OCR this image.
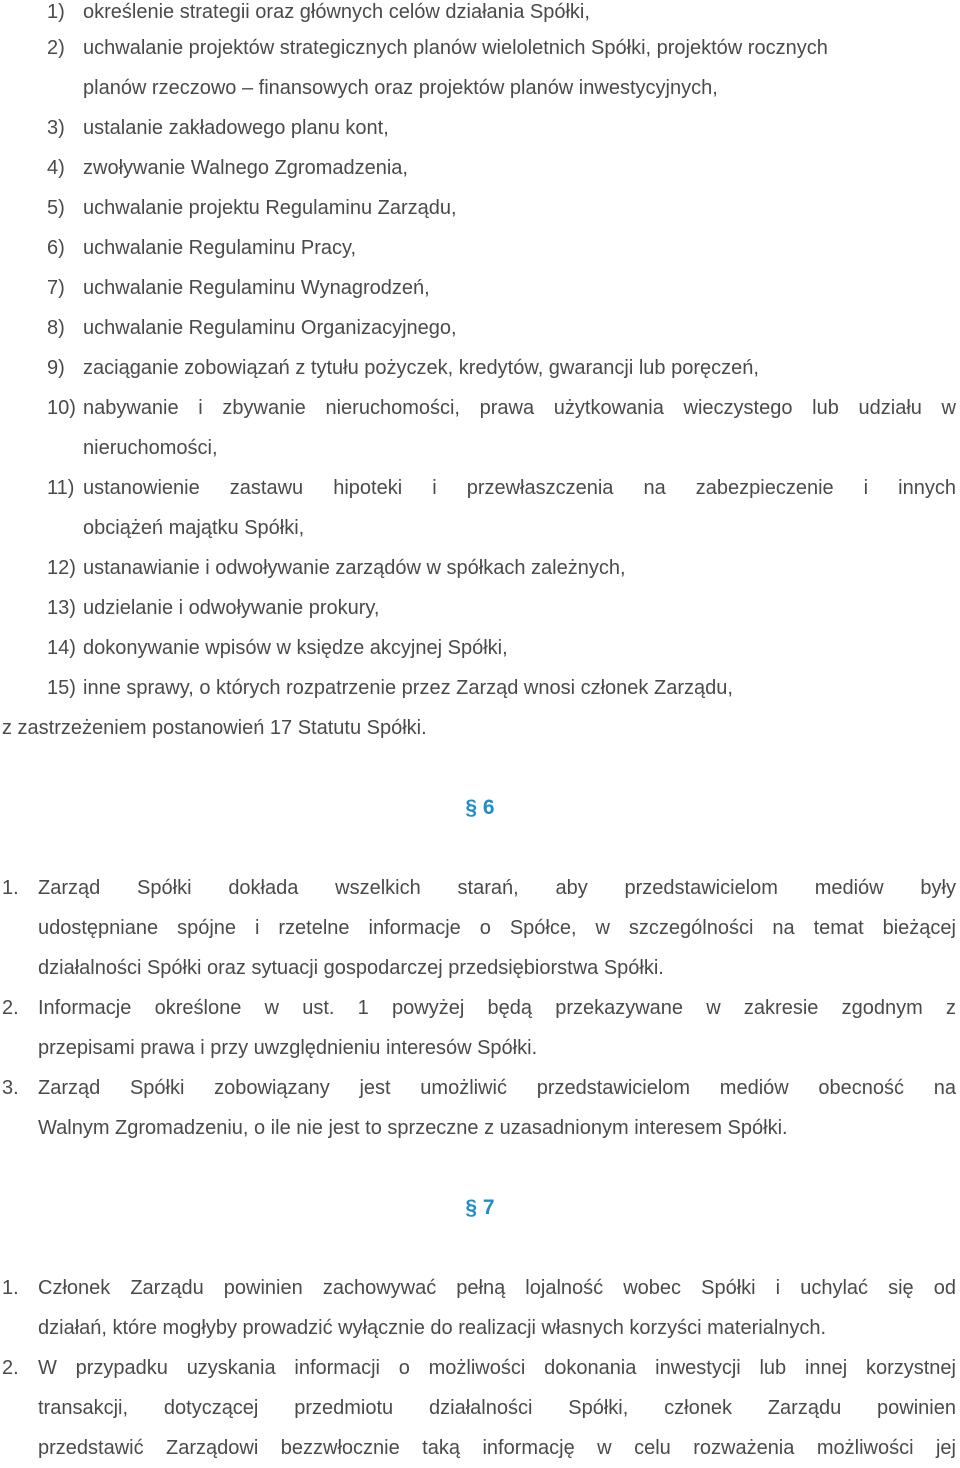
1) określenie strategii oraz głównych celów działania Spółki,
2) uchwalanie projektów strategicznych planów wieloletnich Spółki, projektów rocznych
planów rzeczowo – finansowych oraz projektów planów inwestycyjnych,
3) ustalanie zakładowego planu kont,
4) zwoływanie Walnego Zgromadzenia,
5) uchwalanie projektu Regulaminu Zarządu,
6) uchwalanie Regulaminu Pracy,
7) uchwalanie Regulaminu Wynagrodzeń,
8) uchwalanie Regulaminu Organizacyjnego,
9) zaciąganie zobowiązań z tytułu pożyczek, kredytów, gwarancji lub poręczeń,
10) nabywanie i zbywanie nieruchomości, prawa użytkowania wieczystego lub udziału w
nieruchomości,
11) ustanowienie zastawu hipoteki i przewłaszczenia na zabezpieczenie i innych
obciążeń majątku Spółki,
12) ustanawianie i odwoływanie zarządów w spółkach zależnych,
13) udzielanie i odwoływanie prokury,
14) dokonywanie wpisów w księdze akcyjnej Spółki,
15) inne sprawy, o których rozpatrzenie przez Zarząd wnosi członek Zarządu,
z zastrzeżeniem postanowień 17 Statutu Spółki.
§ 6
1. Zarząd Spółki dokłada wszelkich starań, aby przedstawicielom mediów były
udostępniane spójne i rzetelne informacje o Spółce, w szczególności na temat bieżącej
działalności Spółki oraz sytuacji gospodarczej przedsiębiorstwa Spółki.
2. Informacje określone w ust. 1 powyżej będą przekazywane w zakresie zgodnym z
przepisami prawa i przy uwzględnieniu interesów Spółki.
3. Zarząd Spółki zobowiązany jest umożliwić przedstawicielom mediów obecność na
Walnym Zgromadzeniu, o ile nie jest to sprzeczne z uzasadnionym interesem Spółki.
§ 7
1. Członek Zarządu powinien zachowywać pełną lojalność wobec Spółki i uchylać się od
działań, które mogłyby prowadzić wyłącznie do realizacji własnych korzyści materialnych.
2. W przypadku uzyskania informacji o możliwości dokonania inwestycji lub innej korzystnej
transakcji, dotyczącej przedmiotu działalności Spółki, członek Zarządu powinien
przedstawić Zarządowi bezzwłocznie taką informację w celu rozważenia możliwości jej
